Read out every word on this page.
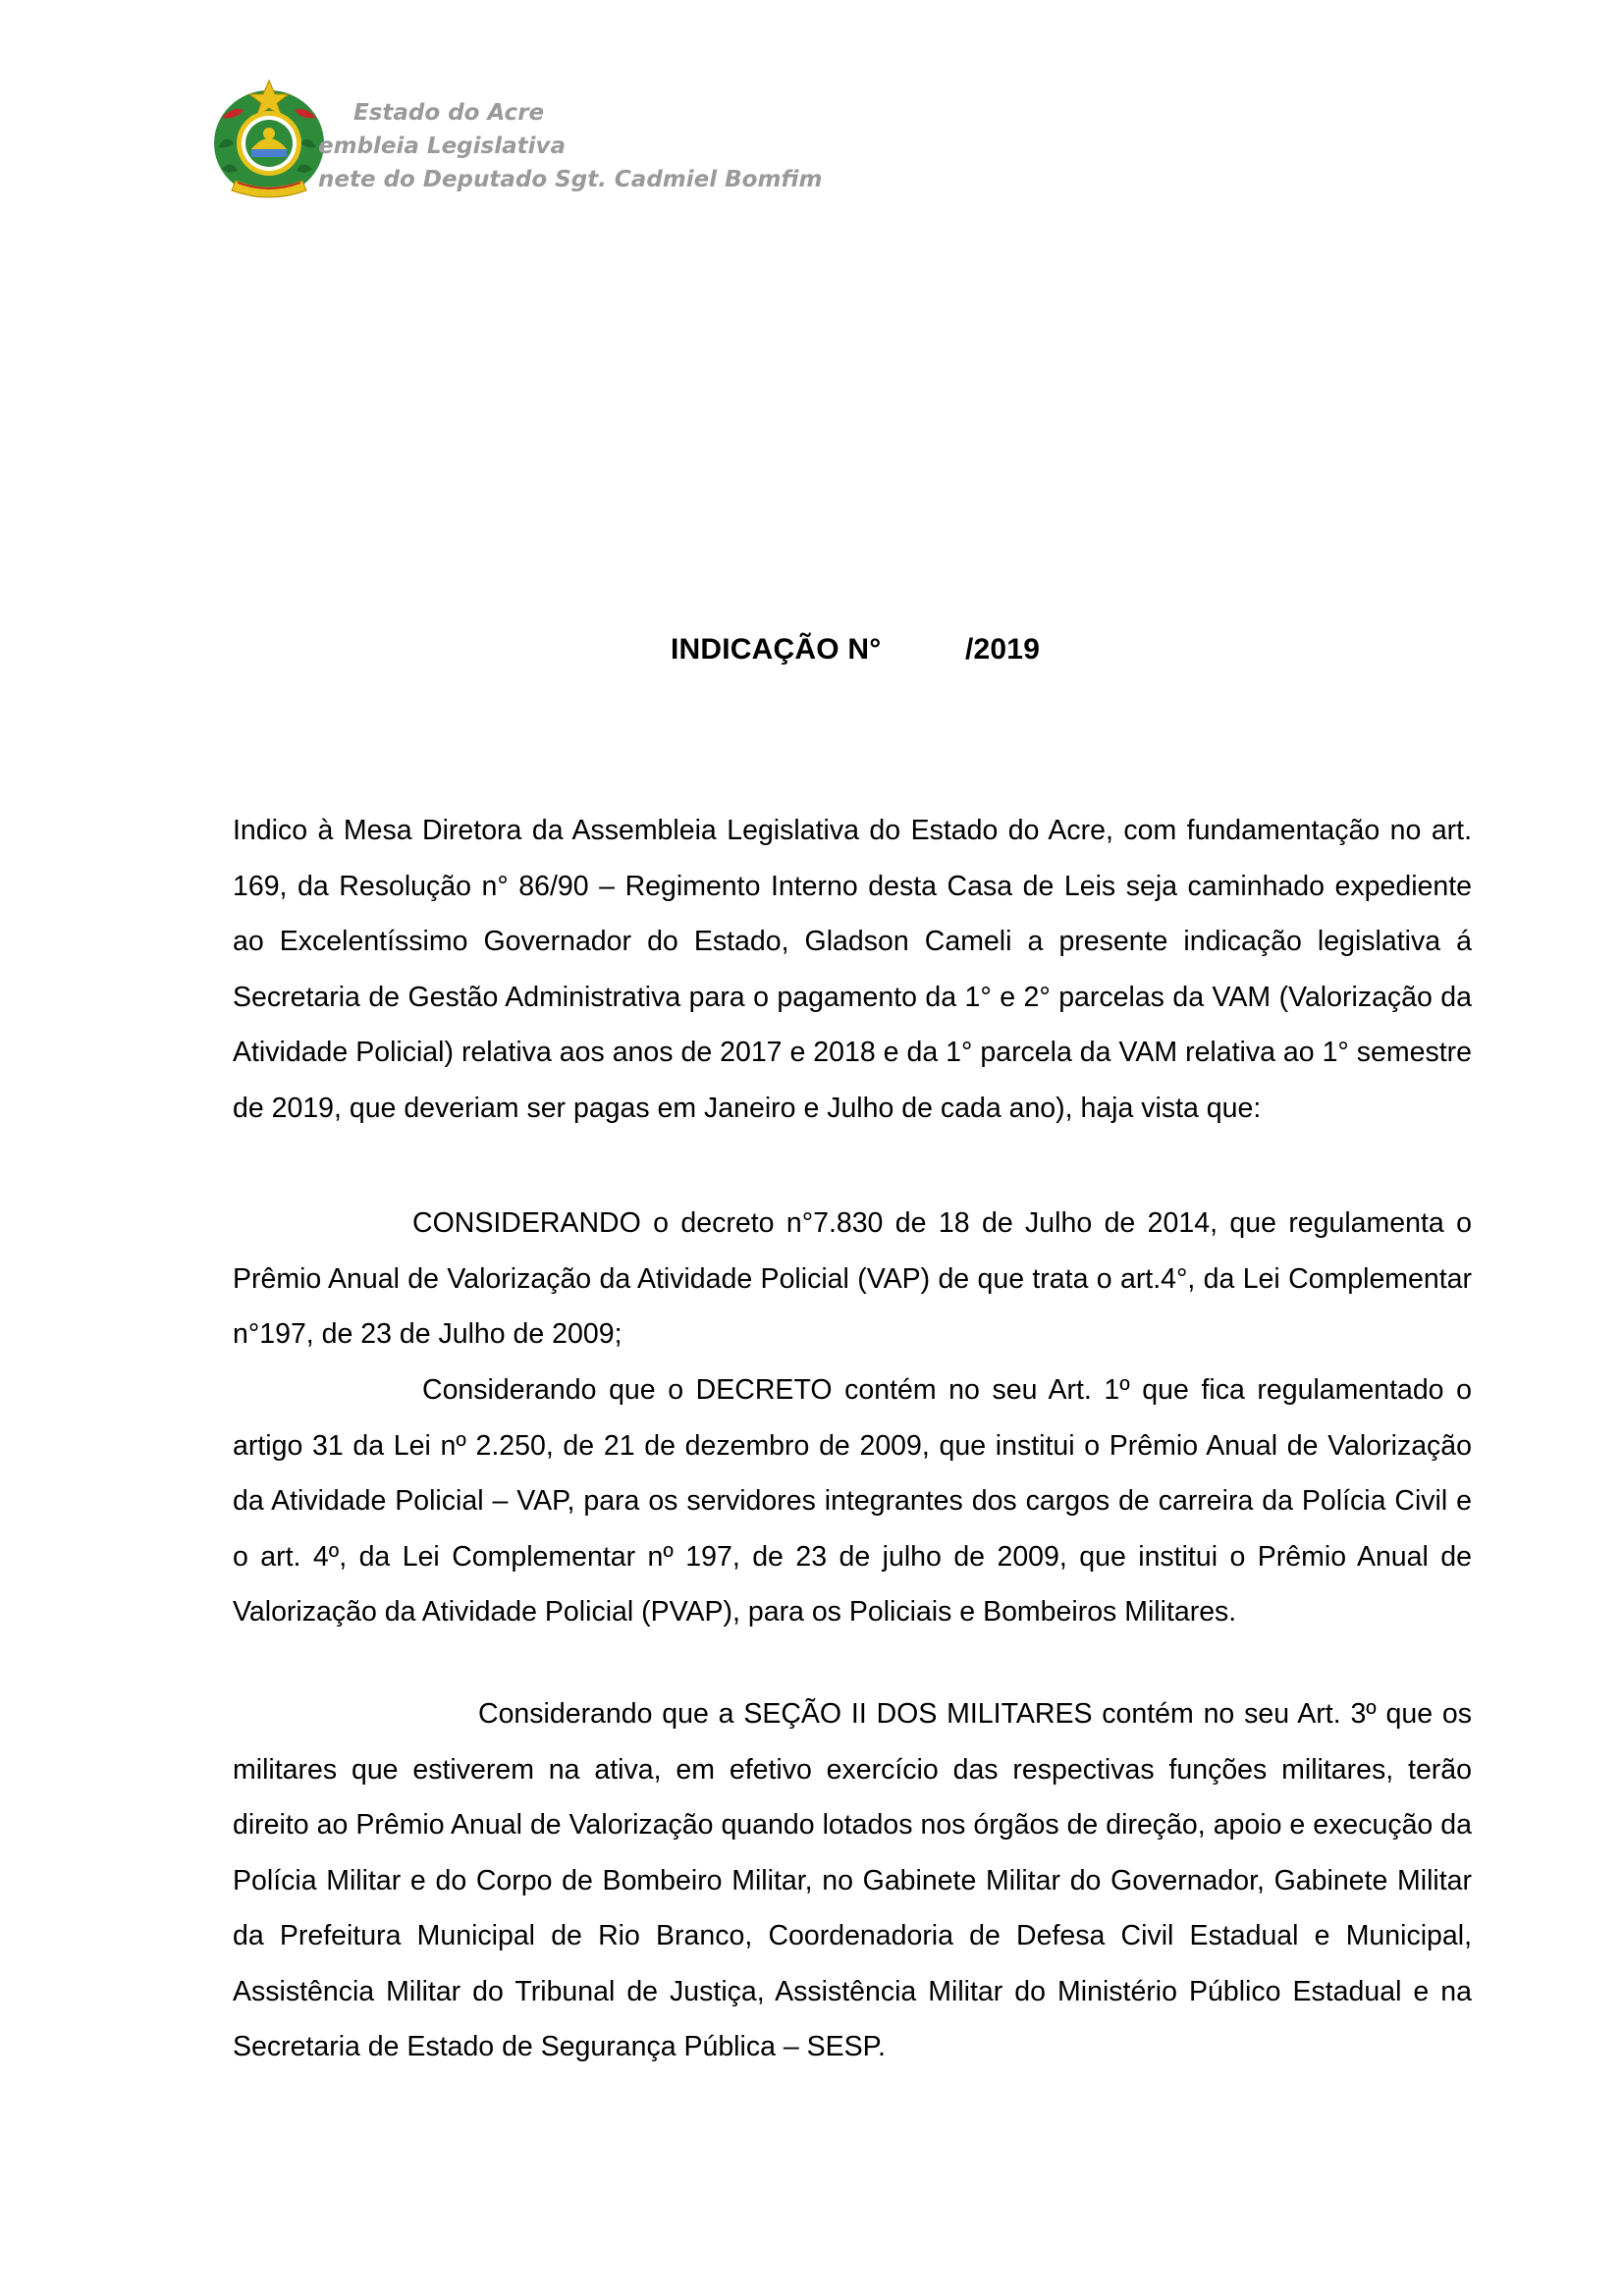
Estado do Acre
embleia Legislativa
nete do Deputado Sgt. Cadmiel Bomfim
INDICAÇÃO N°	/2019

Indico à Mesa Diretora da Assembleia Legislativa do Estado do Acre, com fundamentação no art. 169, da Resolução n° 86/90 – Regimento Interno desta Casa de Leis seja caminhado expediente ao Excelentíssimo Governador do Estado, Gladson Cameli a presente indicação legislativa á Secretaria de Gestão Administrativa para o pagamento da 1° e 2° parcelas da VAM (Valorização da Atividade Policial) relativa aos anos de 2017 e 2018 e da 1° parcela da VAM relativa ao 1° semestre de 2019, que deveriam ser pagas em Janeiro e Julho de cada ano), haja vista que:

CONSIDERANDO o decreto n°7.830 de 18 de Julho de 2014, que regulamenta o Prêmio Anual de Valorização da Atividade Policial (VAP) de que trata o art.4°, da Lei Complementar n°197, de 23 de Julho de 2009;

Considerando que o DECRETO contém no seu Art. 1º que fica regulamentado o artigo 31 da Lei nº 2.250, de 21 de dezembro de 2009, que institui o Prêmio Anual de Valorização da Atividade Policial – VAP, para os servidores integrantes dos cargos de carreira da Polícia Civil e o art. 4º, da Lei Complementar nº 197, de 23 de julho de 2009, que institui o Prêmio Anual de Valorização da Atividade Policial (PVAP), para os Policiais e Bombeiros Militares.

Considerando que a SEÇÃO II DOS MILITARES contém no seu Art. 3º que os militares que estiverem na ativa, em efetivo exercício das respectivas funções militares, terão direito ao Prêmio Anual de Valorização quando lotados nos órgãos de direção, apoio e execução da Polícia Militar e do Corpo de Bombeiro Militar, no Gabinete Militar do Governador, Gabinete Militar da Prefeitura Municipal de Rio Branco, Coordenadoria de Defesa Civil Estadual e Municipal, Assistência Militar do Tribunal de Justiça, Assistência Militar do Ministério Público Estadual e na Secretaria de Estado de Segurança Pública – SESP.
